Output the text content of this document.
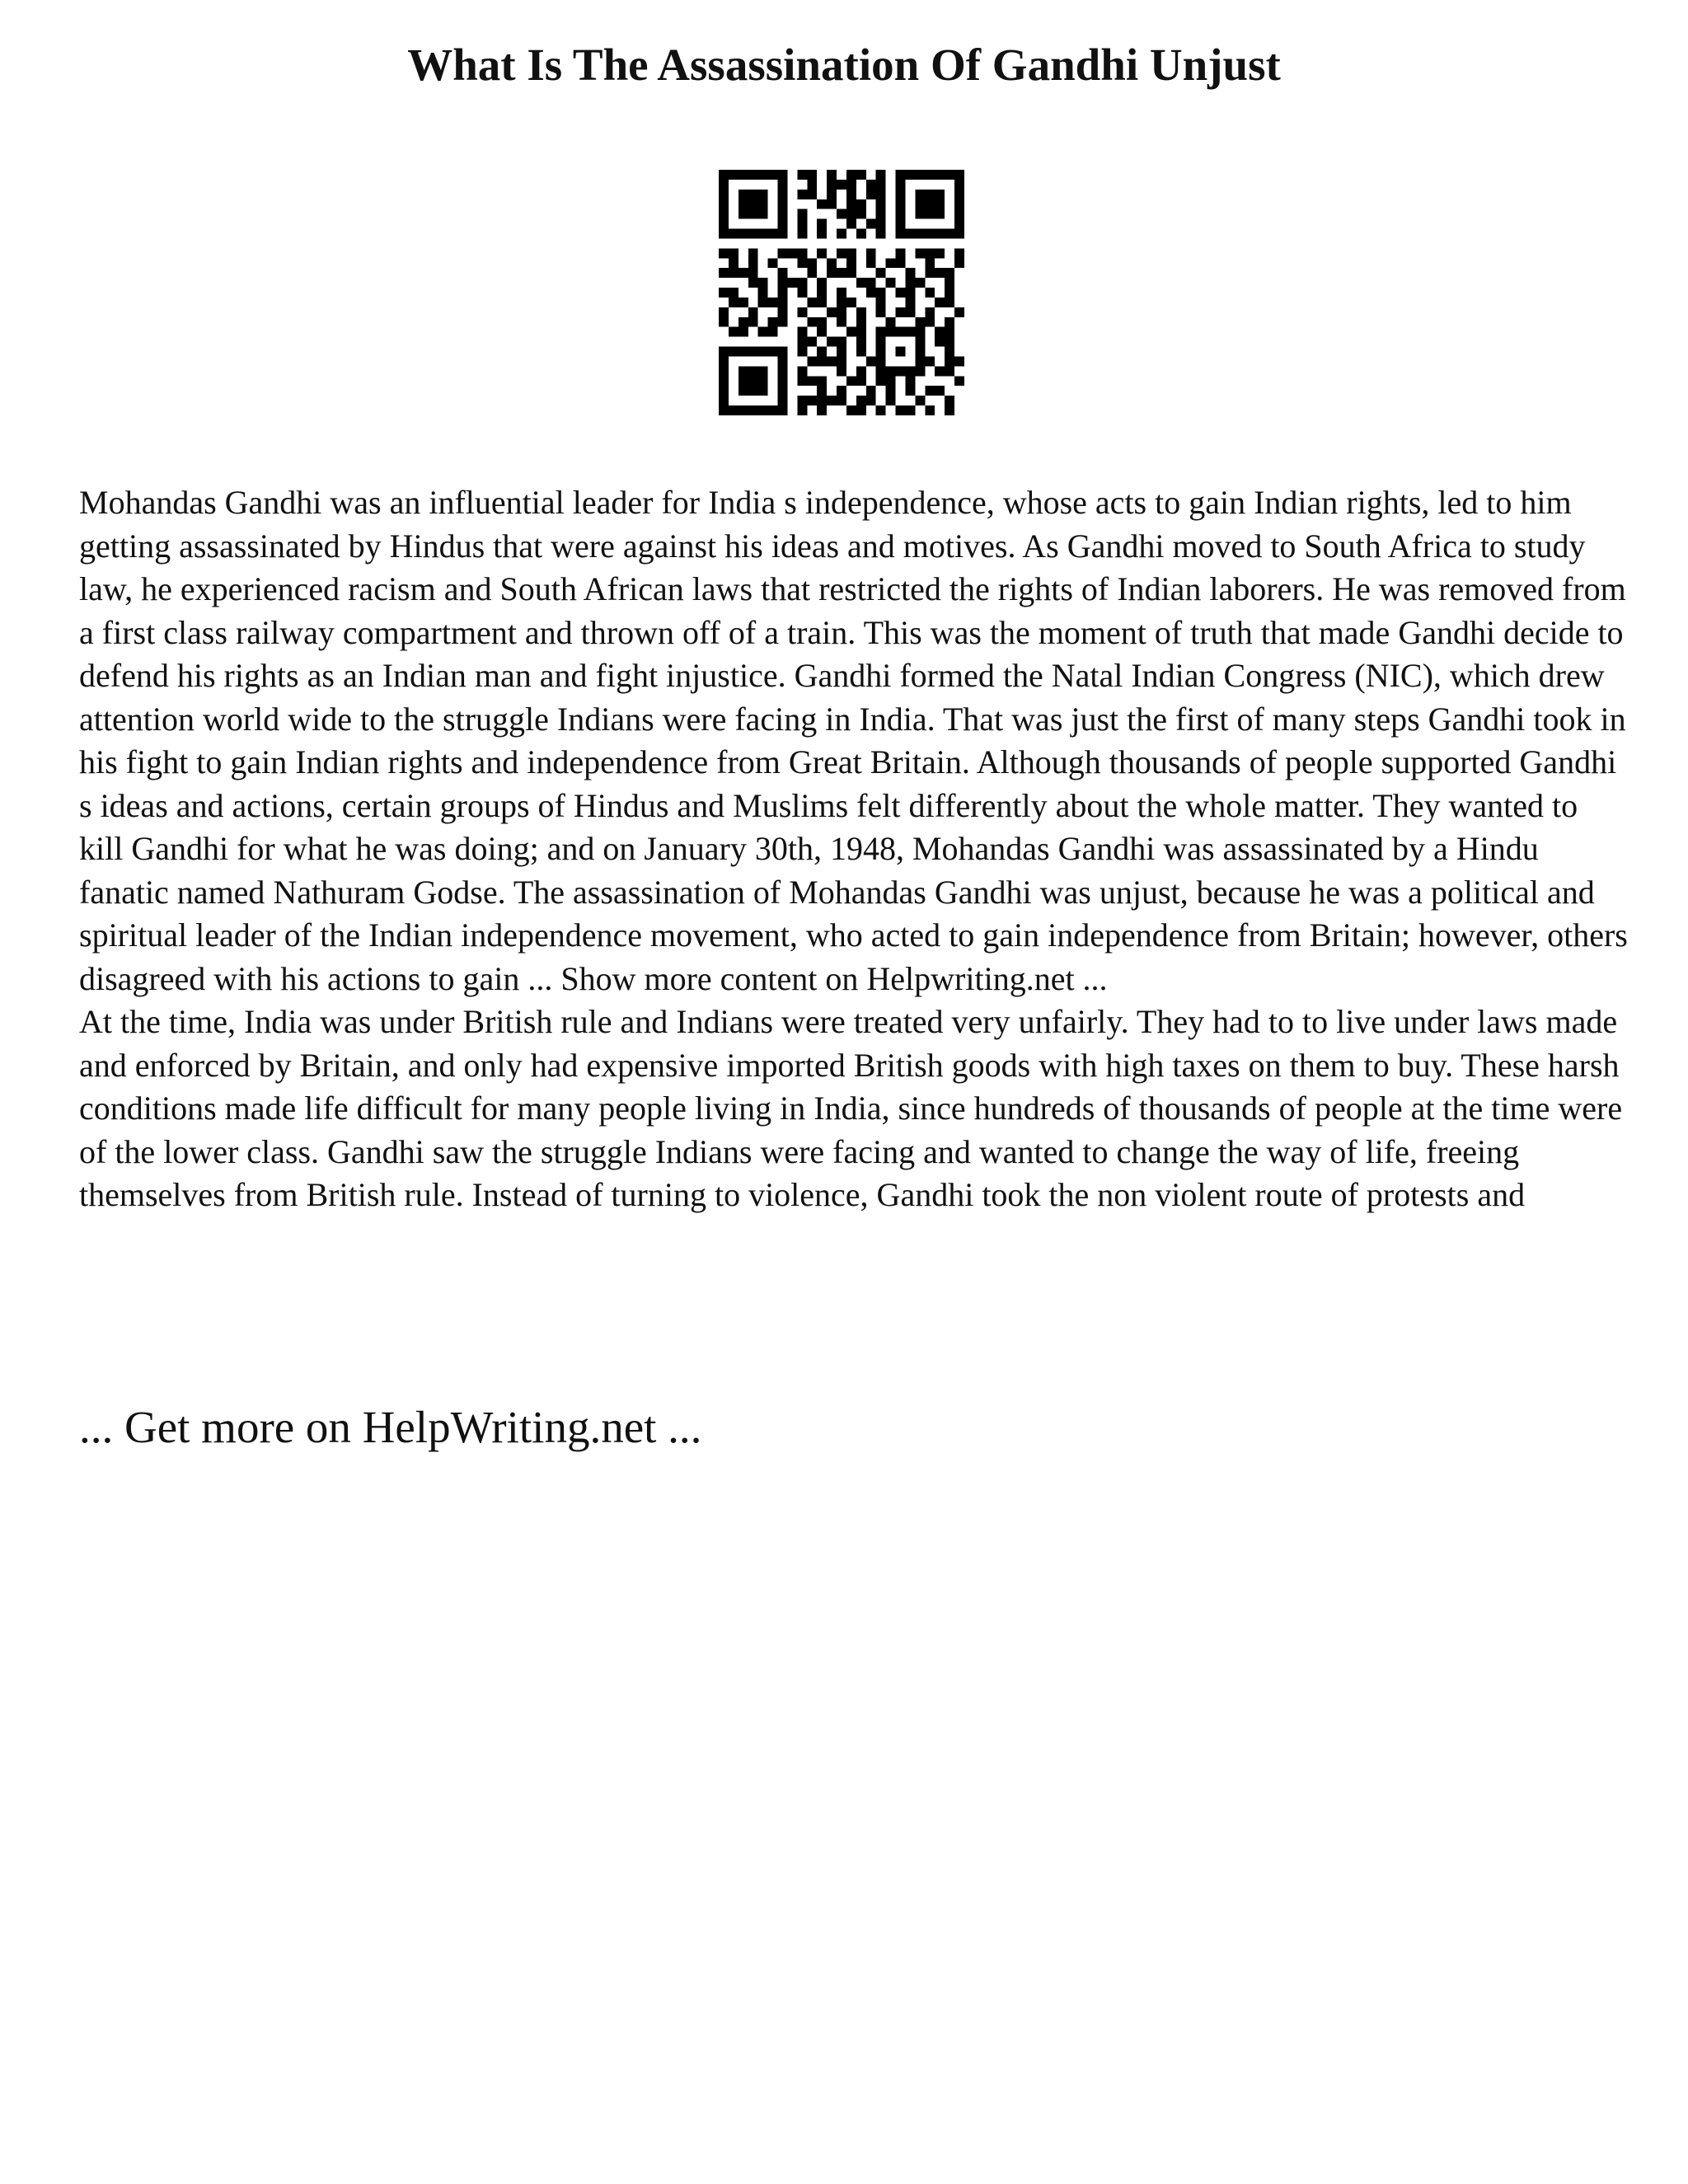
What Is The Assassination Of Gandhi Unjust

Mohandas Gandhi was an influential leader for India s independence, whose acts to gain Indian rights, led to him getting assassinated by Hindus that were against his ideas and motives. As Gandhi moved to South Africa to study law, he experienced racism and South African laws that restricted the rights of Indian laborers. He was removed from a first class railway compartment and thrown off of a train. This was the moment of truth that made Gandhi decide to defend his rights as an Indian man and fight injustice. Gandhi formed the Natal Indian Congress (NIC), which drew attention world wide to the struggle Indians were facing in India. That was just the first of many steps Gandhi took in his fight to gain Indian rights and independence from Great Britain. Although thousands of people supported Gandhi s ideas and actions, certain groups of Hindus and Muslims felt differently about the whole matter. They wanted to kill Gandhi for what he was doing; and on January 30th, 1948, Mohandas Gandhi was assassinated by a Hindu fanatic named Nathuram Godse. The assassination of Mohandas Gandhi was unjust, because he was a political and spiritual leader of the Indian independence movement, who acted to gain independence from Britain; however, others disagreed with his actions to gain ... Show more content on Helpwriting.net ...

At the time, India was under British rule and Indians were treated very unfairly. They had to to live under laws made and enforced by Britain, and only had expensive imported British goods with high taxes on them to buy. These harsh conditions made life difficult for many people living in India, since hundreds of thousands of people at the time were of the lower class. Gandhi saw the struggle Indians were facing and wanted to change the way of life, freeing themselves from British rule. Instead of turning to violence, Gandhi took the non violent route of protests and

... Get more on HelpWriting.net ...
